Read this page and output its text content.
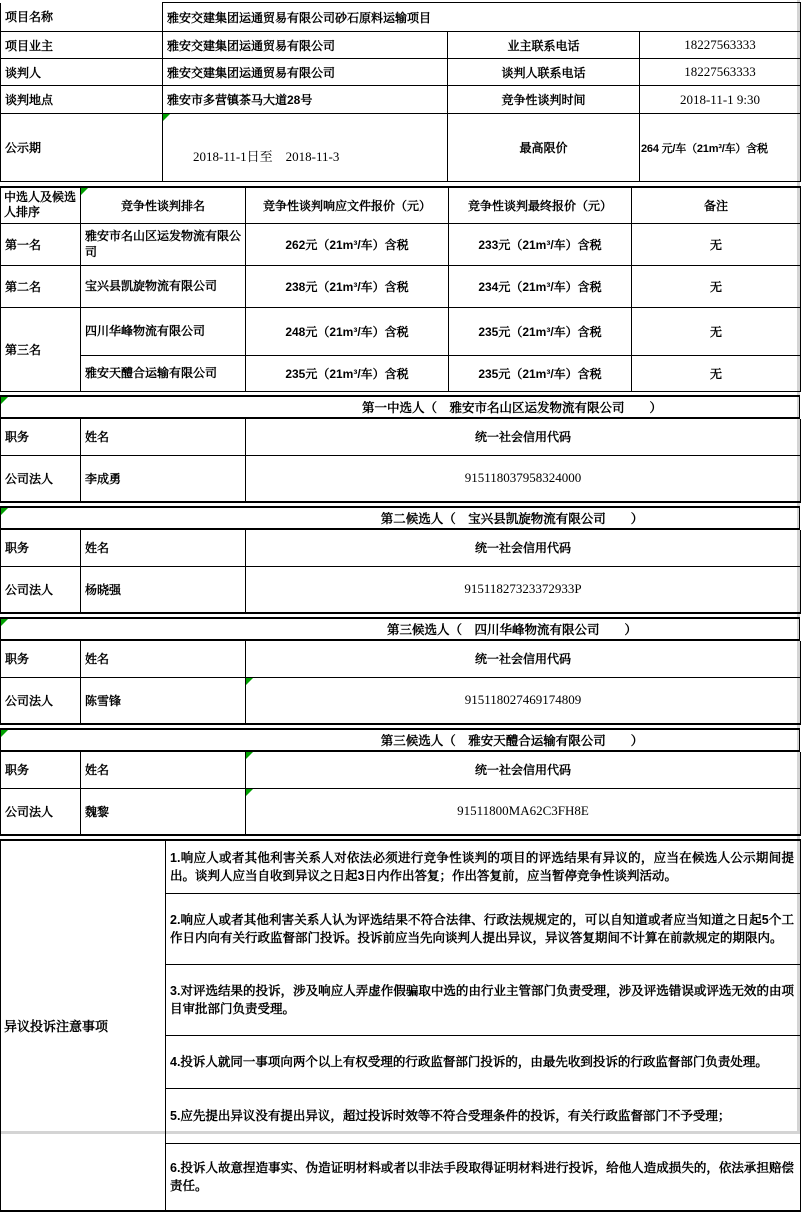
项目名称	雅安交建集团运通贸易有限公司砂石原料运输项目		
项目业主	雅安交建集团运通贸易有限公司	业主联系电话	18227563333
谈判人	雅安交建集团运通贸易有限公司	谈判人联系电话	18227563333
谈判地点	雅安市多营镇茶马大道28号	竞争性谈判时间	2018-11-1 9:30
公示期	2018-11-1日至　2018-11-3	最高限价	264 元/车（21m³/车）含税
中选人及候选人排序	竞争性谈判排名	竞争性谈判响应文件报价（元）	竞争性谈判最终报价（元）	备注
第一名	雅安市名山区运发物流有限公司	262元（21m³/车）含税	233元（21m³/车）含税	无
第二名	宝兴县凯旋物流有限公司	238元（21m³/车）含税	234元（21m³/车）含税	无
第三名	四川华峰物流有限公司	248元（21m³/车）含税	235元（21m³/车）含税	无
	雅安天醴合运输有限公司	235元（21m³/车）含税	235元（21m³/车）含税	无
第一中选人（　雅安市名山区运发物流有限公司　　）
职务	姓名	统一社会信用代码
公司法人	李成勇	915118037958324000
第二候选人（　宝兴县凯旋物流有限公司　　）
职务	姓名	统一社会信用代码
公司法人	杨晓强	91511827323372933P
第三候选人（　四川华峰物流有限公司　　）
职务	姓名	统一社会信用代码
公司法人	陈雪锋	915118027469174809
第三候选人（　雅安天醴合运输有限公司　　）
职务	姓名	统一社会信用代码
公司法人	魏黎	91511800MA62C3FH8E
异议投诉注意事项	1.响应人或者其他利害关系人对依法必须进行竞争性谈判的项目的评选结果有异议的，应当在候选人公示期间提出。谈判人应当自收到异议之日起3日内作出答复；作出答复前，应当暂停竞争性谈判活动。
2.响应人或者其他利害关系人认为评选结果不符合法律、行政法规规定的，可以自知道或者应当知道之日起5个工作日内向有关行政监督部门投诉。投诉前应当先向谈判人提出异议，异议答复期间不计算在前款规定的期限内。
3.对评选结果的投诉，涉及响应人弄虚作假骗取中选的由行业主管部门负责受理，涉及评选错误或评选无效的由项目审批部门负责受理。
4.投诉人就同一事项向两个以上有权受理的行政监督部门投诉的，由最先收到投诉的行政监督部门负责处理。
5.应先提出异议没有提出异议，超过投诉时效等不符合受理条件的投诉，有关行政监督部门不予受理；
6.投诉人故意捏造事实、伪造证明材料或者以非法手段取得证明材料进行投诉，给他人造成损失的，依法承担赔偿责任。
